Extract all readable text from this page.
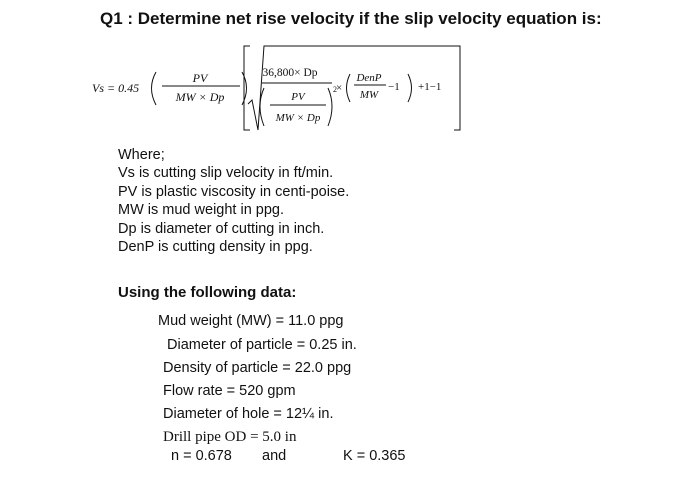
Q1 : Determine net rise velocity if the slip velocity equation is:
Vs = 0.45
PV
MW × Dp
36,800× Dp
PV
MW × Dp
2 ×
DenP
MW
−1 +1−1
Where;
Vs is cutting slip velocity in ft/min.
PV is plastic viscosity in centi-poise.
MW is mud weight in ppg.
Dp is diameter of cutting in inch.
DenP is cutting density in ppg.
Using the following data:
Mud weight (MW) = 11.0 ppg
Diameter of particle = 0.25 in.
Density of particle = 22.0 ppg
Flow rate = 520 gpm
Diameter of hole = 12¼ in.
Drill pipe OD = 5.0 in
n = 0.678 and	K = 0.365
